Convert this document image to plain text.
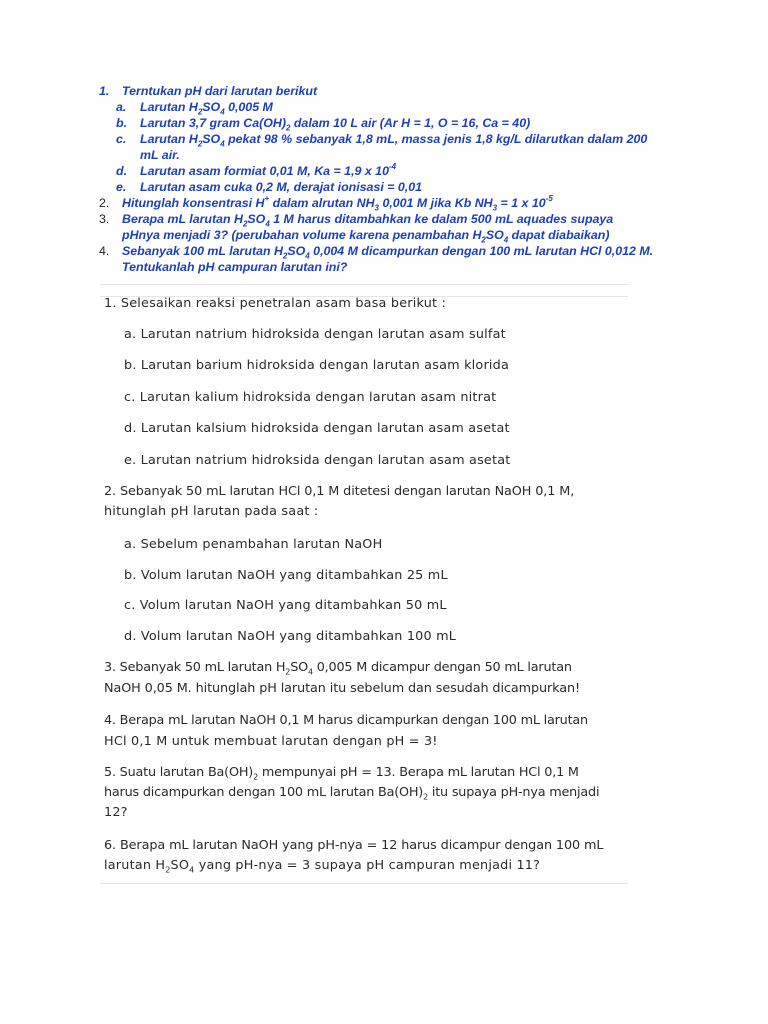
1. Terntukan pH dari larutan berikut
a. Larutan $H_2SO_4$ 0,005 M
b. Larutan 3,7 gram $Ca(OH)_2$ dalam 10 L air (Ar H = 1, O = 16, Ca = 40)
c. Larutan $H_2SO_4$ pekat 98 % sebanyak 1,8 mL, massa jenis 1,8 kg/L dilarutkan dalam 200
mL air.
d. Larutan asam formiat 0,01 M, Ka = 1,9 x $10^{-4}$
e. Larutan asam cuka 0,2 M, derajat ionisasi = 0,01
2. Hitunglah konsentrasi H+ dalam alrutan $NH_3$ 0,001 M jika Kb $NH_3 = 1$ x $10^{-5}$
3. Berapa mL larutan $H_2SO_4$ 1 M harus ditambahkan ke dalam 500 mL aquades supaya
pHnya menjadi 3? (perubahan volume karena penambahan $H_2SO_4$ dapat diabaikan)
4. Sebanyak 100 mL larutan $H_2SO_4$ 0,004 M dicampurkan dengan 100 mL larutan HCl 0,012 M.
Tentukanlah pH campuran larutan ini?
1. Selesaikan reaksi penetralan asam basa berikut :
a. Larutan natrium hidroksida dengan larutan asam sulfat
b. Larutan barium hidroksida dengan larutan asam klorida
c. Larutan kalium hidroksida dengan larutan asam nitrat
d. Larutan kalsium hidroksida dengan larutan asam asetat
e. Larutan natrium hidroksida dengan larutan asam asetat
2. Sebanyak 50 mL larutan HCl 0,1 M ditetesi dengan larutan NaOH 0,1 M,
hitunglah pH larutan pada saat :
a. Sebelum penambahan larutan NaOH
b. Volum larutan NaOH yang ditambahkan 25 mL
c. Volum larutan NaOH yang ditambahkan 50 mL
d. Volum larutan NaOH yang ditambahkan 100 mL
3. Sebanyak 50 mL larutan $H_2SO_4$ 0,005 M dicampur dengan 50 mL larutan
NaOH 0,05 M. hitunglah pH larutan itu sebelum dan sesudah dicampurkan!
4. Berapa mL larutan NaOH 0,1 M harus dicampurkan dengan 100 mL larutan
HCl 0,1 M untuk membuat larutan dengan pH = 3!
5. Suatu larutan $Ba(OH)_2$ mempunyai pH = 13. Berapa mL larutan HCl 0,1 M
harus dicampurkan dengan 100 mL larutan $Ba(OH)_2$ itu supaya pH-nya menjadi
12?
6. Berapa mL larutan NaOH yang pH-nya = 12 harus dicampur dengan 100 mL
larutan $H_2SO_4$ yang pH-nya = 3 supaya pH campuran menjadi 11?
